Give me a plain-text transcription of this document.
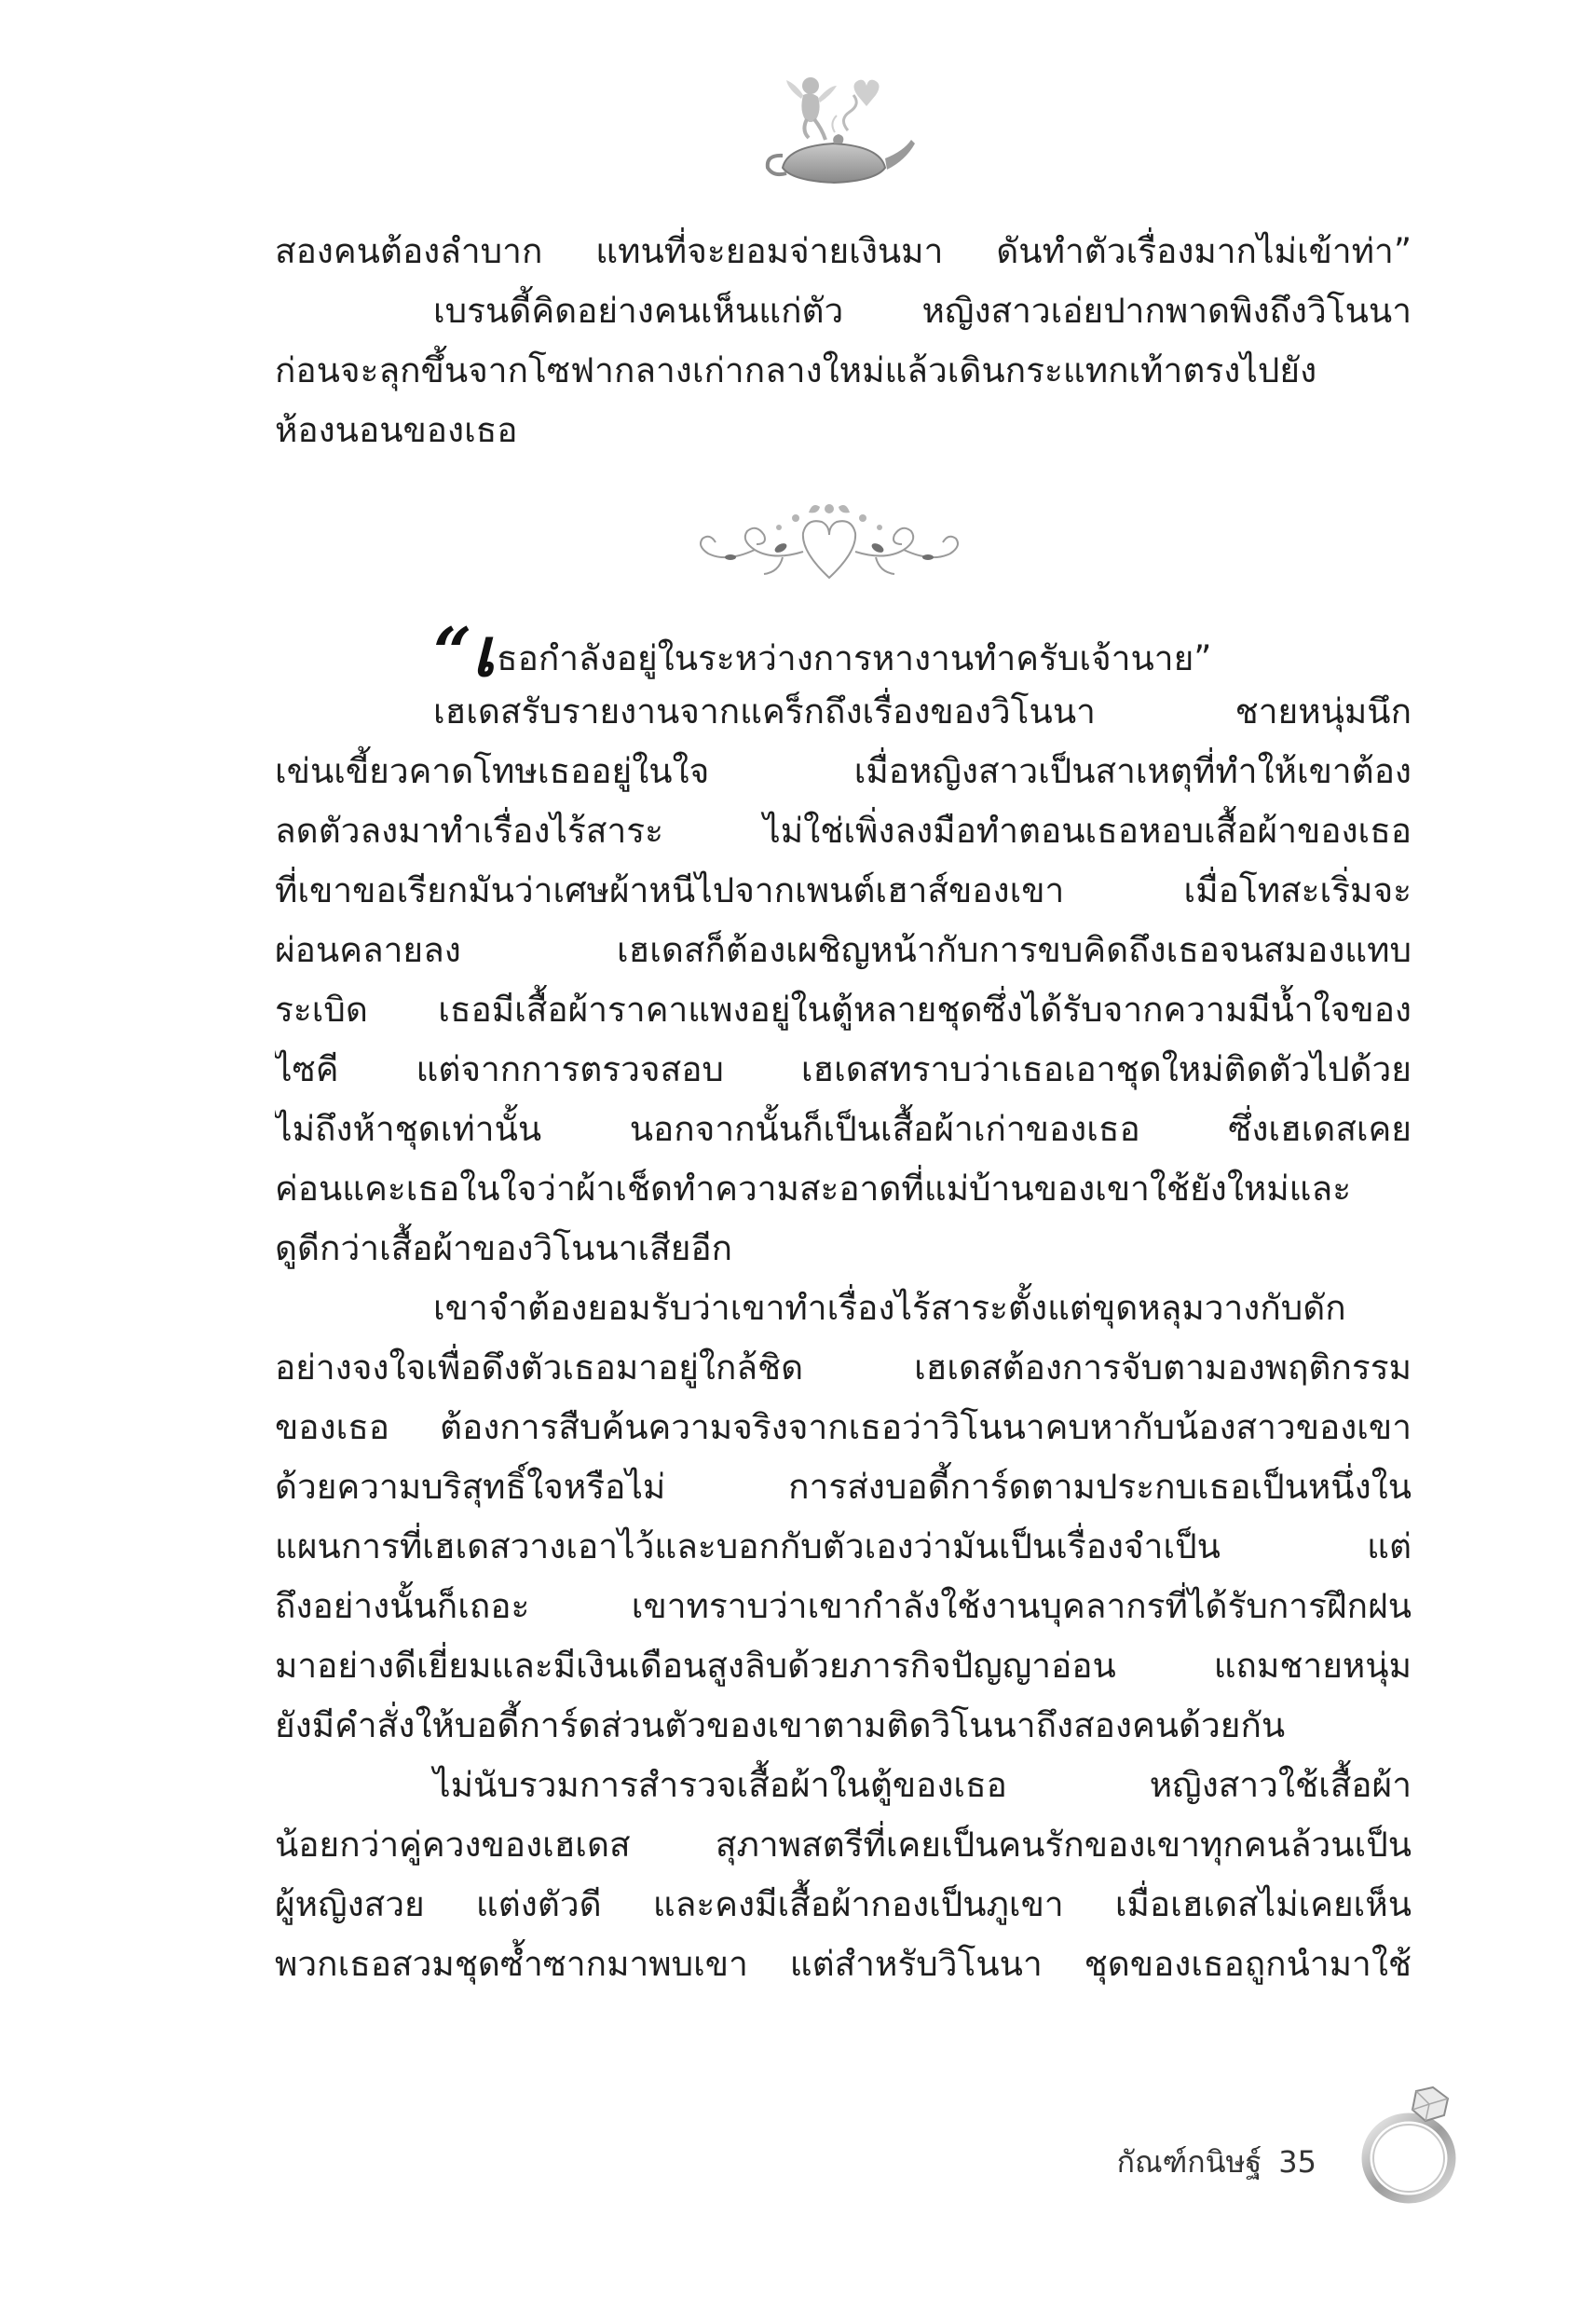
สองคนต้องลำบาก แทนที่จะยอมจ่ายเงินมา ดันทำตัวเรื่องมากไม่เข้าท่า”
เบรนดี้คิดอย่างคนเห็นแก่ตัว หญิงสาวเอ่ยปากพาดพิงถึงวิโนนา
ก่อนจะลุกขึ้นจากโซฟากลางเก่ากลางใหม่แล้วเดินกระแทกเท้าตรงไปยัง
ห้องนอนของเธอ
“เธอกำลังอยู่ในระหว่างการหางานทำครับเจ้านาย”
เฮเดสรับรายงานจากแคร็กถึงเรื่องของวิโนนา ชายหนุ่มนึก
เข่นเขี้ยวคาดโทษเธออยู่ในใจ เมื่อหญิงสาวเป็นสาเหตุที่ทำให้เขาต้อง
ลดตัวลงมาทำเรื่องไร้สาระ ไม่ใช่เพิ่งลงมือทำตอนเธอหอบเสื้อผ้าของเธอ
ที่เขาขอเรียกมันว่าเศษผ้าหนีไปจากเพนต์เฮาส์ของเขา เมื่อโทสะเริ่มจะ
ผ่อนคลายลง เฮเดสก็ต้องเผชิญหน้ากับการขบคิดถึงเธอจนสมองแทบ
ระเบิด เธอมีเสื้อผ้าราคาแพงอยู่ในตู้หลายชุดซึ่งได้รับจากความมีน้ำใจของ
ไซคี แต่จากการตรวจสอบ เฮเดสทราบว่าเธอเอาชุดใหม่ติดตัวไปด้วย
ไม่ถึงห้าชุดเท่านั้น นอกจากนั้นก็เป็นเสื้อผ้าเก่าของเธอ ซึ่งเฮเดสเคย
ค่อนแคะเธอในใจว่าผ้าเช็ดทำความสะอาดที่แม่บ้านของเขาใช้ยังใหม่และ
ดูดีกว่าเสื้อผ้าของวิโนนาเสียอีก
เขาจำต้องยอมรับว่าเขาทำเรื่องไร้สาระตั้งแต่ขุดหลุมวางกับดัก
อย่างจงใจเพื่อดึงตัวเธอมาอยู่ใกล้ชิด เฮเดสต้องการจับตามองพฤติกรรม
ของเธอ ต้องการสืบค้นความจริงจากเธอว่าวิโนนาคบหากับน้องสาวของเขา
ด้วยความบริสุทธิ์ใจหรือไม่ การส่งบอดี้การ์ดตามประกบเธอเป็นหนึ่งใน
แผนการที่เฮเดสวางเอาไว้และบอกกับตัวเองว่ามันเป็นเรื่องจำเป็น แต่
ถึงอย่างนั้นก็เถอะ เขาทราบว่าเขากำลังใช้งานบุคลากรที่ได้รับการฝึกฝน
มาอย่างดีเยี่ยมและมีเงินเดือนสูงลิบด้วยภารกิจปัญญาอ่อน แถมชายหนุ่ม
ยังมีคำสั่งให้บอดี้การ์ดส่วนตัวของเขาตามติดวิโนนาถึงสองคนด้วยกัน
ไม่นับรวมการสำรวจเสื้อผ้าในตู้ของเธอ หญิงสาวใช้เสื้อผ้า
น้อยกว่าคู่ควงของเฮเดส สุภาพสตรีที่เคยเป็นคนรักของเขาทุกคนล้วนเป็น
ผู้หญิงสวย แต่งตัวดี และคงมีเสื้อผ้ากองเป็นภูเขา เมื่อเฮเดสไม่เคยเห็น
พวกเธอสวมชุดซ้ำซากมาพบเขา แต่สำหรับวิโนนา ชุดของเธอถูกนำมาใช้
กัณฑ์กนิษฐ์ 35
